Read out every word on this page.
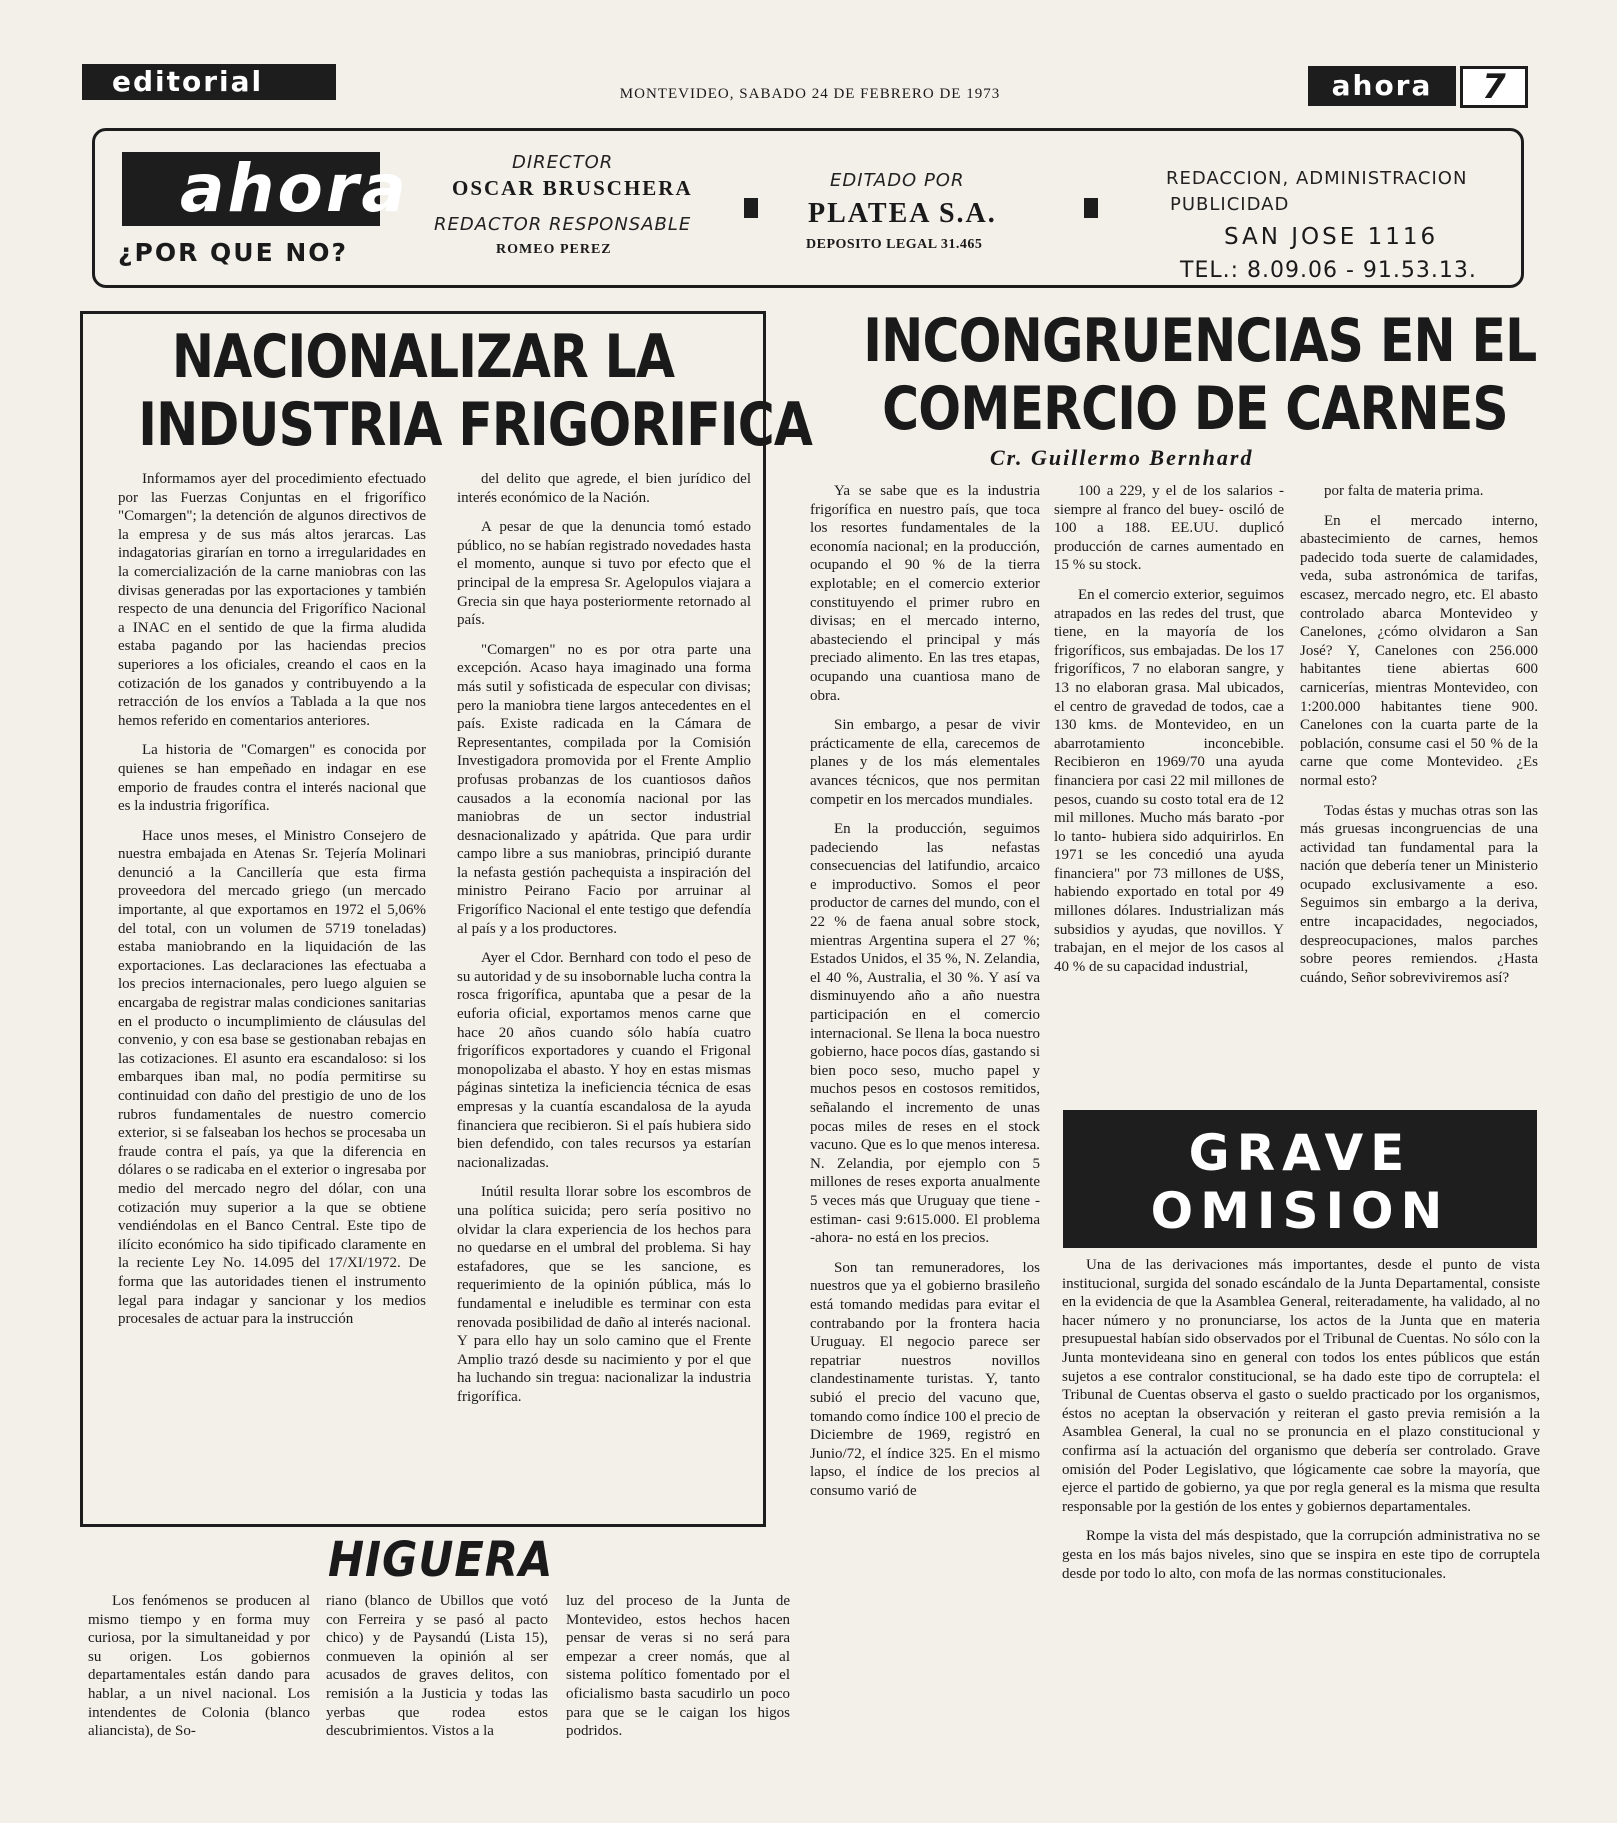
editorial	MONTEVIDEO, SABADO 24 DE FEBRERO DE 1973	ahora	7
ahora
¿POR QUE NO?
DIRECTOR
OSCAR BRUSCHERA
REDACTOR RESPONSABLE
ROMEO PEREZ
EDITADO POR
PLATEA S.A.
DEPOSITO LEGAL 31.465
REDACCION, ADMINISTRACION
PUBLICIDAD
SAN JOSE 1116
TEL.: 8.09.06 - 91.53.13.
NACIONALIZAR LA
INDUSTRIA FRIGORIFICA

Informamos ayer del procedimiento efectuado por las Fuerzas Conjuntas en el frigorífico "Comargen"; la detención de algunos directivos de la empresa y de sus más altos jerarcas. Las indagatorias girarían en torno a irregularidades en la comercialización de la carne maniobras con las divisas generadas por las exportaciones y también respecto de una denuncia del Frigorífico Nacional a INAC en el sentido de que la firma aludida estaba pagando por las haciendas precios superiores a los oficiales, creando el caos en la cotización de los ganados y contribuyendo a la retracción de los envíos a Tablada a la que nos hemos referido en comentarios anteriores.

La historia de "Comargen" es conocida por quienes se han empeñado en indagar en ese emporio de fraudes contra el interés nacional que es la industria frigorífica.

Hace unos meses, el Ministro Consejero de nuestra embajada en Atenas Sr. Tejería Molinari denunció a la Cancillería que esta firma proveedora del mercado griego (un mercado importante, al que exportamos en 1972 el 5,06% del total, con un volumen de 5719 toneladas) estaba maniobrando en la liquidación de las exportaciones. Las declaraciones las efectuaba a los precios internacionales, pero luego alguien se encargaba de registrar malas condiciones sanitarias en el producto o incumplimiento de cláusulas del convenio, y con esa base se gestionaban rebajas en las cotizaciones. El asunto era escandaloso: si los embarques iban mal, no podía permitirse su continuidad con daño del prestigio de uno de los rubros fundamentales de nuestro comercio exterior, si se falseaban los hechos se procesaba un fraude contra el país, ya que la diferencia en dólares o se radicaba en el exterior o ingresaba por medio del mercado negro del dólar, con una cotización muy superior a la que se obtiene vendiéndolas en el Banco Central. Este tipo de ilícito económico ha sido tipificado claramente en la reciente Ley No. 14.095 del 17/XI/1972. De forma que las autoridades tienen el instrumento legal para indagar y sancionar y los medios procesales de actuar para la instrucción

del delito que agrede, el bien jurídico del interés económico de la Nación.

A pesar de que la denuncia tomó estado público, no se habían registrado novedades hasta el momento, aunque si tuvo por efecto que el principal de la empresa Sr. Agelopulos viajara a Grecia sin que haya posteriormente retornado al país.

"Comargen" no es por otra parte una excepción. Acaso haya imaginado una forma más sutil y sofisticada de especular con divisas; pero la maniobra tiene largos antecedentes en el país. Existe radicada en la Cámara de Representantes, compilada por la Comisión Investigadora promovida por el Frente Amplio profusas probanzas de los cuantiosos daños causados a la economía nacional por las maniobras de un sector industrial desnacionalizado y apátrida. Que para urdir campo libre a sus maniobras, principió durante la nefasta gestión pachequista a inspiración del ministro Peirano Facio por arruinar al Frigorífico Nacional el ente testigo que defendía al país y a los productores.

Ayer el Cdor. Bernhard con todo el peso de su autoridad y de su insobornable lucha contra la rosca frigorífica, apuntaba que a pesar de la euforia oficial, exportamos menos carne que hace 20 años cuando sólo había cuatro frigoríficos exportadores y cuando el Frigonal monopolizaba el abasto. Y hoy en estas mismas páginas sintetiza la ineficiencia técnica de esas empresas y la cuantía escandalosa de la ayuda financiera que recibieron. Si el país hubiera sido bien defendido, con tales recursos ya estarían nacionalizadas.

Inútil resulta llorar sobre los escombros de una política suicida; pero sería positivo no olvidar la clara experiencia de los hechos para no quedarse en el umbral del problema. Si hay estafadores, que se les sancione, es requerimiento de la opinión pública, más lo fundamental e ineludible es terminar con esta renovada posibilidad de daño al interés nacional. Y para ello hay un solo camino que el Frente Amplio trazó desde su nacimiento y por el que ha luchando sin tregua: nacionalizar la industria frigorífica.

INCONGRUENCIAS EN EL
COMERCIO DE CARNES
Cr. Guillermo Bernhard

Ya se sabe que es la industria frigorífica en nuestro país, que toca los resortes fundamentales de la economía nacional; en la producción, ocupando el 90 % de la tierra explotable; en el comercio exterior constituyendo el primer rubro en divisas; en el mercado interno, abasteciendo el principal y más preciado alimento. En las tres etapas, ocupando una cuantiosa mano de obra.

Sin embargo, a pesar de vivir prácticamente de ella, carecemos de planes y de los más elementales avances técnicos, que nos permitan competir en los mercados mundiales.

En la producción, seguimos padeciendo las nefastas consecuencias del latifundio, arcaico e improductivo. Somos el peor productor de carnes del mundo, con el 22 % de faena anual sobre stock, mientras Argentina supera el 27 %; Estados Unidos, el 35 %, N. Zelandia, el 40 %, Australia, el 30 %. Y así va disminuyendo año a año nuestra participación en el comercio internacional. Se llena la boca nuestro gobierno, hace pocos días, gastando si bien poco seso, mucho papel y muchos pesos en costosos remitidos, señalando el incremento de unas pocas miles de reses en el stock vacuno. Que es lo que menos interesa. N. Zelandia, por ejemplo con 5 millones de reses exporta anualmente 5 veces más que Uruguay que tiene -estiman- casi 9:615.000. El problema -ahora- no está en los precios.

Son tan remuneradores, los nuestros que ya el gobierno brasileño está tomando medidas para evitar el contrabando por la frontera hacia Uruguay. El negocio parece ser repatriar nuestros novillos clandestinamente turistas. Y, tanto subió el precio del vacuno que, tomando como índice 100 el precio de Diciembre de 1969, registró en Junio/72, el índice 325. En el mismo lapso, el índice de los precios al consumo varió de

100 a 229, y el de los salarios -siempre al franco del buey- osciló de 100 a 188. EE.UU. duplicó producción de carnes aumentado en 15 % su stock.

En el comercio exterior, seguimos atrapados en las redes del trust, que tiene, en la mayoría de los frigoríficos, sus embajadas. De los 17 frigoríficos, 7 no elaboran sangre, y 13 no elaboran grasa. Mal ubicados, el centro de gravedad de todos, cae a 130 kms. de Montevideo, en un abarrotamiento inconcebible. Recibieron en 1969/70 una ayuda financiera por casi 22 mil millones de pesos, cuando su costo total era de 12 mil millones. Mucho más barato -por lo tanto- hubiera sido adquirirlos. En 1971 se les concedió una ayuda financiera" por 73 millones de U$S, habiendo exportado en total por 49 millones dólares. Industrializan más subsidios y ayudas, que novillos. Y trabajan, en el mejor de los casos al 40 % de su capacidad industrial,

por falta de materia prima.

En el mercado interno, abastecimiento de carnes, hemos padecido toda suerte de calamidades, veda, suba astronómica de tarifas, escasez, mercado negro, etc. El abasto controlado abarca Montevideo y Canelones, ¿cómo olvidaron a San José? Y, Canelones con 256.000 habitantes tiene abiertas 600 carnicerías, mientras Montevideo, con 1:200.000 habitantes tiene 900. Canelones con la cuarta parte de la población, consume casi el 50 % de la carne que come Montevideo. ¿Es normal esto?

Todas éstas y muchas otras son las más gruesas incongruencias de una actividad tan fundamental para la nación que debería tener un Ministerio ocupado exclusivamente a eso. Seguimos sin embargo a la deriva, entre incapacidades, negociados, despreocupaciones, malos parches sobre peores remiendos. ¿Hasta cuándo, Señor sobreviviremos así?

GRAVE
OMISION

Una de las derivaciones más importantes, desde el punto de vista institucional, surgida del sonado escándalo de la Junta Departamental, consiste en la evidencia de que la Asamblea General, reiteradamente, ha validado, al no hacer número y no pronunciarse, los actos de la Junta que en materia presupuestal habían sido observados por el Tribunal de Cuentas. No sólo con la Junta montevideana sino en general con todos los entes públicos que están sujetos a ese contralor constitucional, se ha dado este tipo de corruptela: el Tribunal de Cuentas observa el gasto o sueldo practicado por los organismos, éstos no aceptan la observación y reiteran el gasto previa remisión a la Asamblea General, la cual no se pronuncia en el plazo constitucional y confirma así la actuación del organismo que debería ser controlado. Grave omisión del Poder Legislativo, que lógicamente cae sobre la mayoría, que ejerce el partido de gobierno, ya que por regla general es la misma que resulta responsable por la gestión de los entes y gobiernos departamentales.

Rompe la vista del más despistado, que la corrupción administrativa no se gesta en los más bajos niveles, sino que se inspira en este tipo de corruptela desde por todo lo alto, con mofa de las normas constitucionales.

HIGUERA

Los fenómenos se producen al mismo tiempo y en forma muy curiosa, por la simultaneidad y por su origen. Los gobiernos departamentales están dando para hablar, a un nivel nacional. Los intendentes de Colonia (blanco aliancista), de So-

riano (blanco de Ubillos que votó con Ferreira y se pasó al pacto chico) y de Paysandú (Lista 15), conmueven la opinión al ser acusados de graves delitos, con remisión a la Justicia y todas las yerbas que rodea estos descubrimientos. Vistos a la

luz del proceso de la Junta de Montevideo, estos hechos hacen pensar de veras si no será para empezar a creer nomás, que al sistema político fomentado por el oficialismo basta sacudirlo un poco para que se le caigan los higos podridos.
